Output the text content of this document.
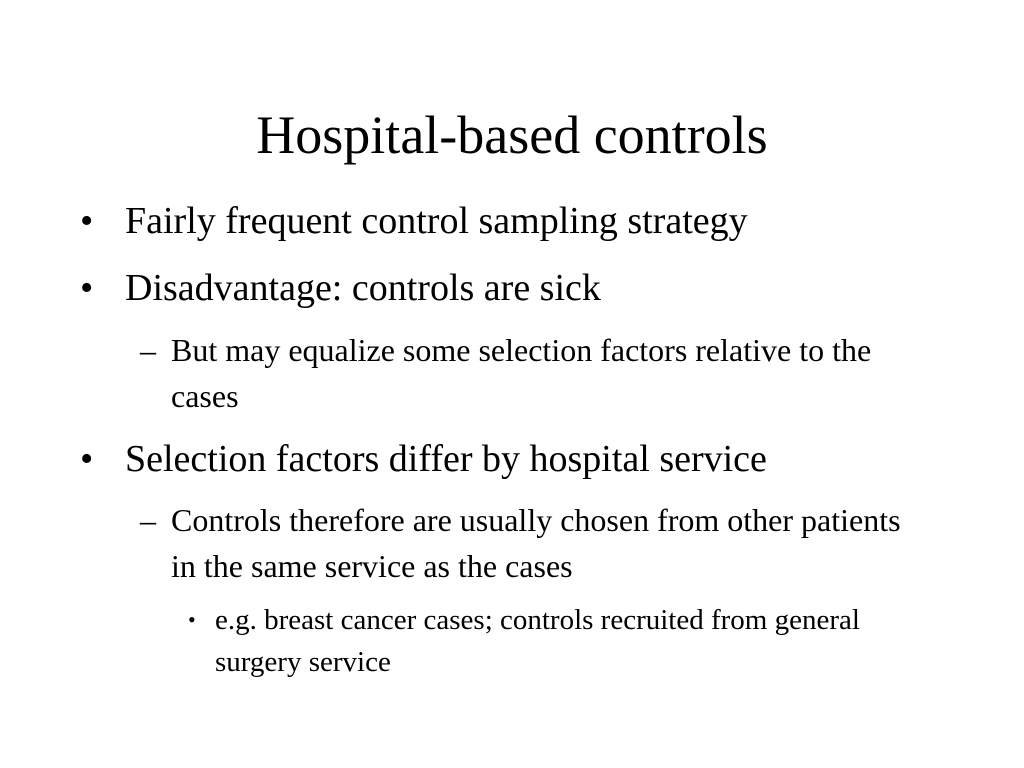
Hospital-based controls
• Fairly frequent control sampling strategy
• Disadvantage: controls are sick
– But may equalize some selection factors relative to the cases
• Selection factors differ by hospital service
– Controls therefore are usually chosen from other patients in the same service as the cases
• e.g. breast cancer cases; controls recruited from general surgery service
